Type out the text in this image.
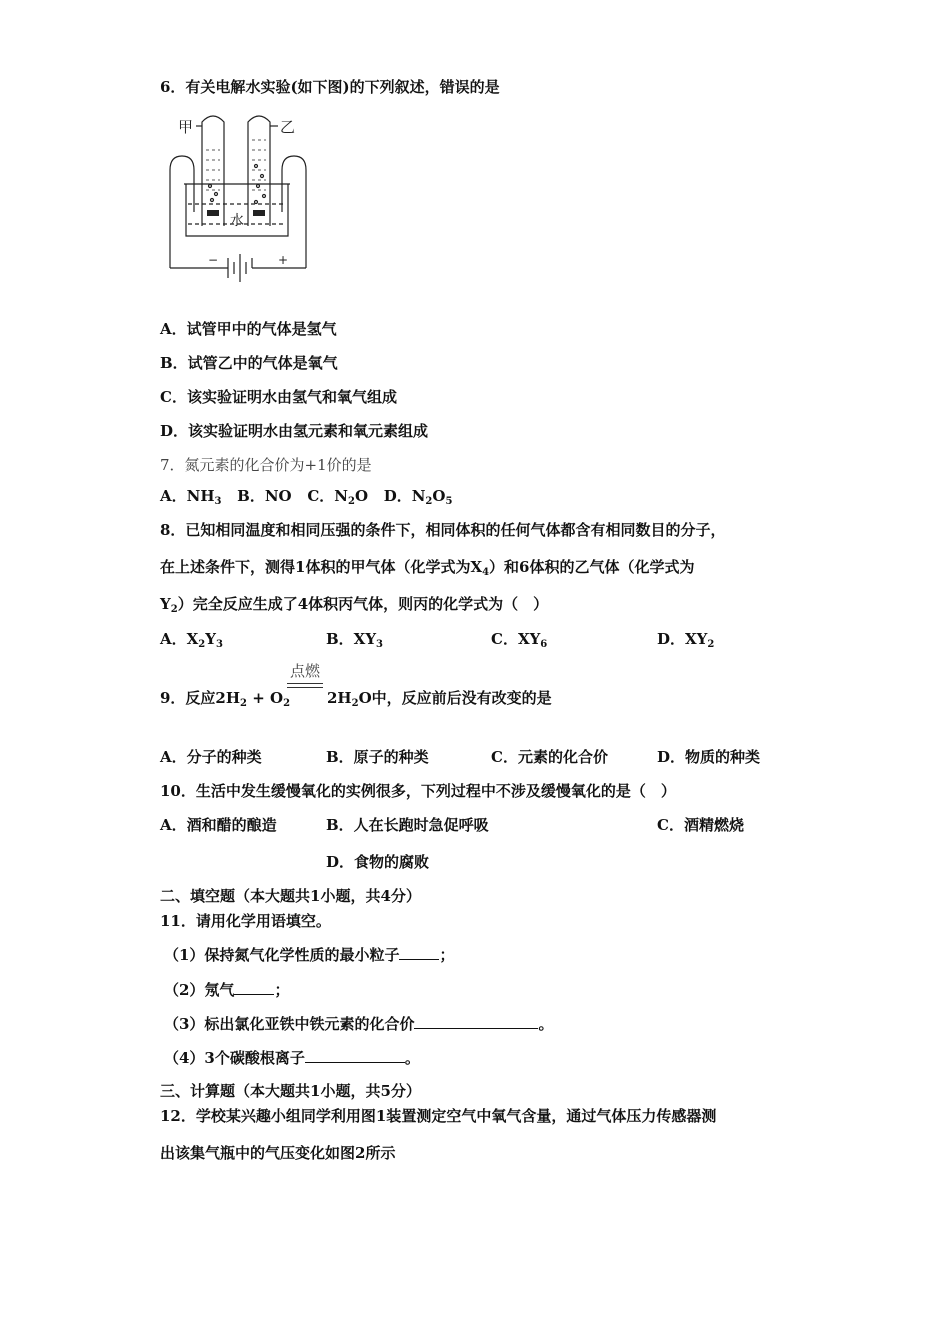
6．有关电解水实验(如下图)的下列叙述，错误的是
甲	乙
水
−	+
A．试管甲中的气体是氢气
B．试管乙中的气体是氧气
C．该实验证明水由氢气和氧气组成
D．该实验证明水由氢元素和氧元素组成
7．氮元素的化合价为+1价的是
A．$NH_3$ B．NO C．$N_2O$ D．$N_2O_5$
8．已知相同温度和相同压强的条件下，相同体积的任何气体都含有相同数目的分子，
在上述条件下，测得1体积的甲气体（化学式为$X_4$）和6体积的乙气体（化学式为
$Y_2$）完全反应生成了4体积丙气体，则丙的化学式为（　）
A．$X_2Y_3$	B．$XY_3$	C．$XY_6$	D．$XY_2$
点燃
9．反应$2H_2 + O_2$ $2H_2O$中，反应前后没有改变的是
A．分子的种类	B．原子的种类	C．元素的化合价	D．物质的种类
10．生活中发生缓慢氧化的实例很多，下列过程中不涉及缓慢氧化的是（　）
A．酒和醋的酿造	B．人在长跑时急促呼吸	C．酒精燃烧
D．食物的腐败
二、填空题（本大题共1小题，共4分）
11．请用化学用语填空。
（1）保持氮气化学性质的最小粒子	；
（2）氖气	；
（3）标出氯化亚铁中铁元素的化合价	。
（4）3个碳酸根离子	。
三、计算题（本大题共1小题，共5分）
12．学校某兴趣小组同学利用图1装置测定空气中氧气含量，通过气体压力传感器测
出该集气瓶中的气压变化如图2所示
